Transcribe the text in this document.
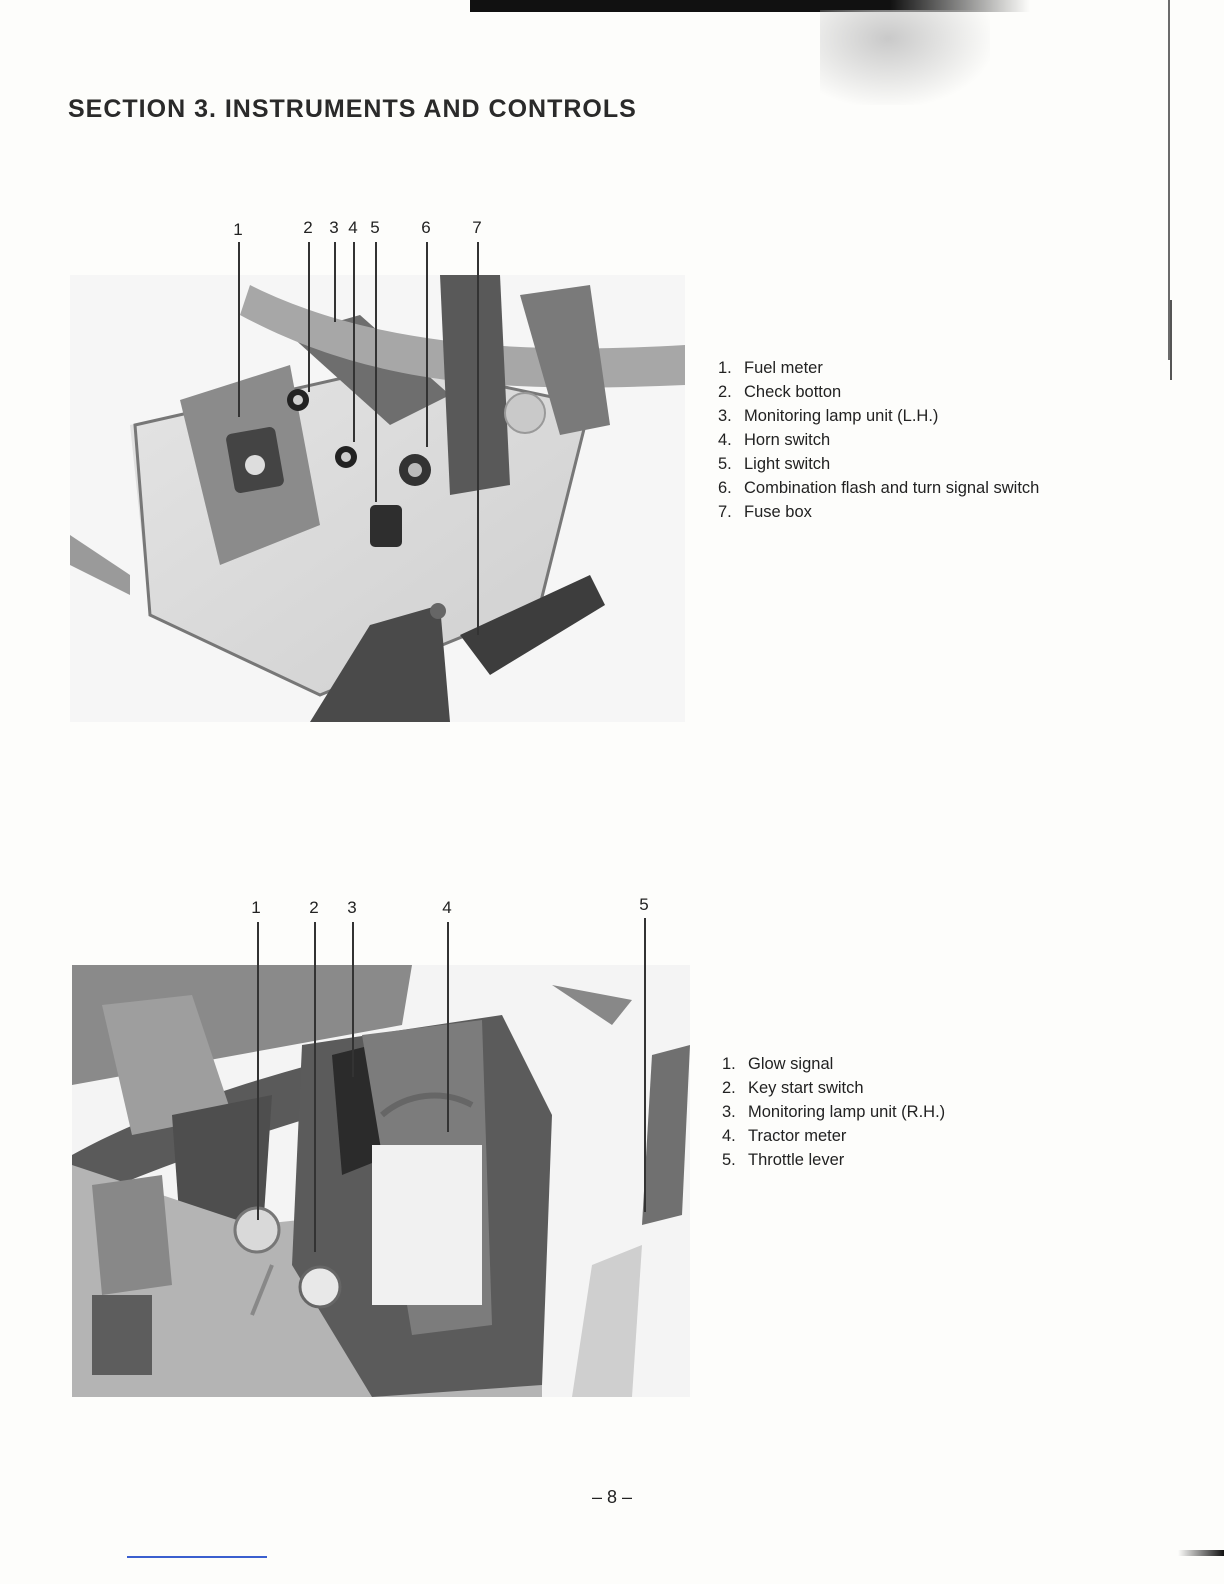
SECTION 3. INSTRUMENTS AND CONTROLS
1	2 3 4 5 6 7
1. Fuel meter
2. Check botton
3. Monitoring lamp unit (L.H.)
4. Horn switch
5. Light switch
6. Combination flash and turn signal switch
7. Fuse box
1	2 3	4	5
1. Glow signal
2. Key start switch
3. Monitoring lamp unit (R.H.)
4. Tractor meter
5. Throttle lever
– 8 –
